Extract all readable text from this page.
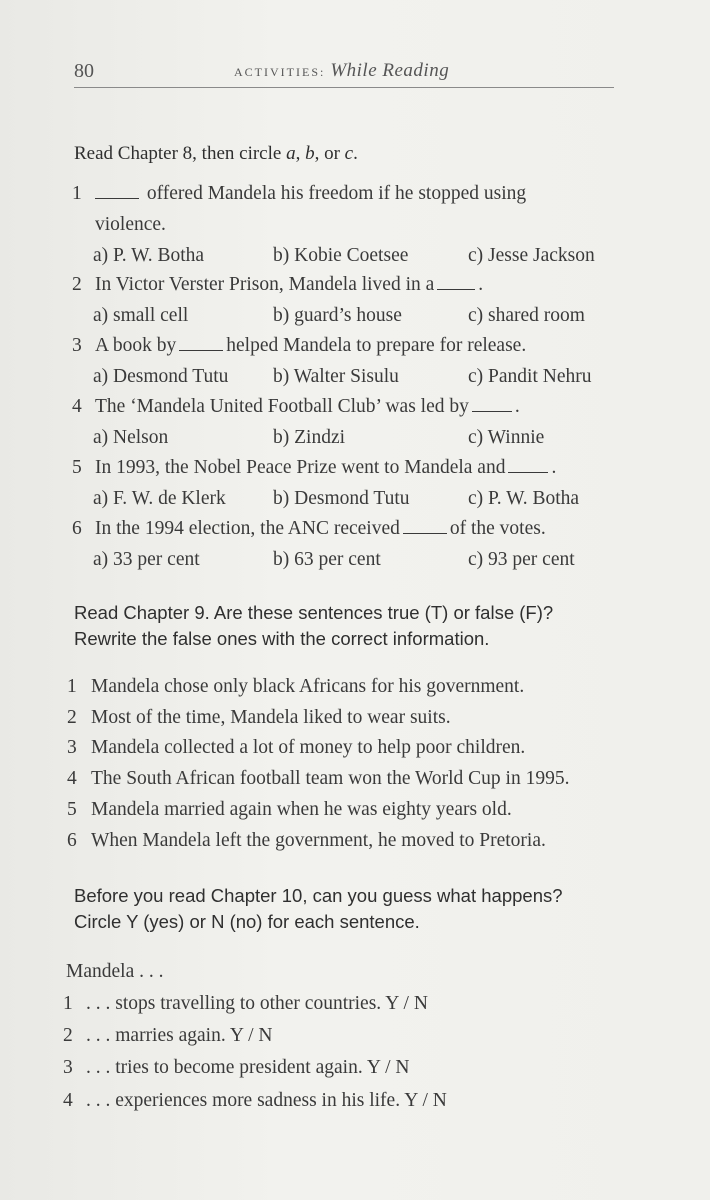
80	ACTIVITIES: While Reading

Read Chapter 8, then circle a, b, or c.

1	offered Mandela his freedom if he stopped using
violence.
a) P. W. Botha	b) Kobie Coetsee	c) Jesse Jackson
2 In Victor Verster Prison, Mandela lived in a .
a) small cell	b) guard’s house	c) shared room
3 A book by	helped Mandela to prepare for release.
a) Desmond Tutu b) Walter Sisulu	c) Pandit Nehru
4 The ‘Mandela United Football Club’ was led by .
a) Nelson	b) Zindzi	c) Winnie
5 In 1993, the Nobel Peace Prize went to Mandela and .
a) F. W. de Klerk b) Desmond Tutu	c) P. W. Botha
6 In the 1994 election, the ANC received	of the votes.
a) 33 per cent	b) 63 per cent	c) 93 per cent

Read Chapter 9. Are these sentences true (T) or false (F)?
Rewrite the false ones with the correct information.

1 Mandela chose only black Africans for his government.
2 Most of the time, Mandela liked to wear suits.
3 Mandela collected a lot of money to help poor children.
4 The South African football team won the World Cup in 1995.
5 Mandela married again when he was eighty years old.
6 When Mandela left the government, he moved to Pretoria.

Before you read Chapter 10, can you guess what happens?
Circle Y (yes) or N (no) for each sentence.

Mandela . . .
1 . . . stops travelling to other countries. Y / N
2 . . . marries again. Y / N
3 . . . tries to become president again. Y / N
4 . . . experiences more sadness in his life. Y / N
